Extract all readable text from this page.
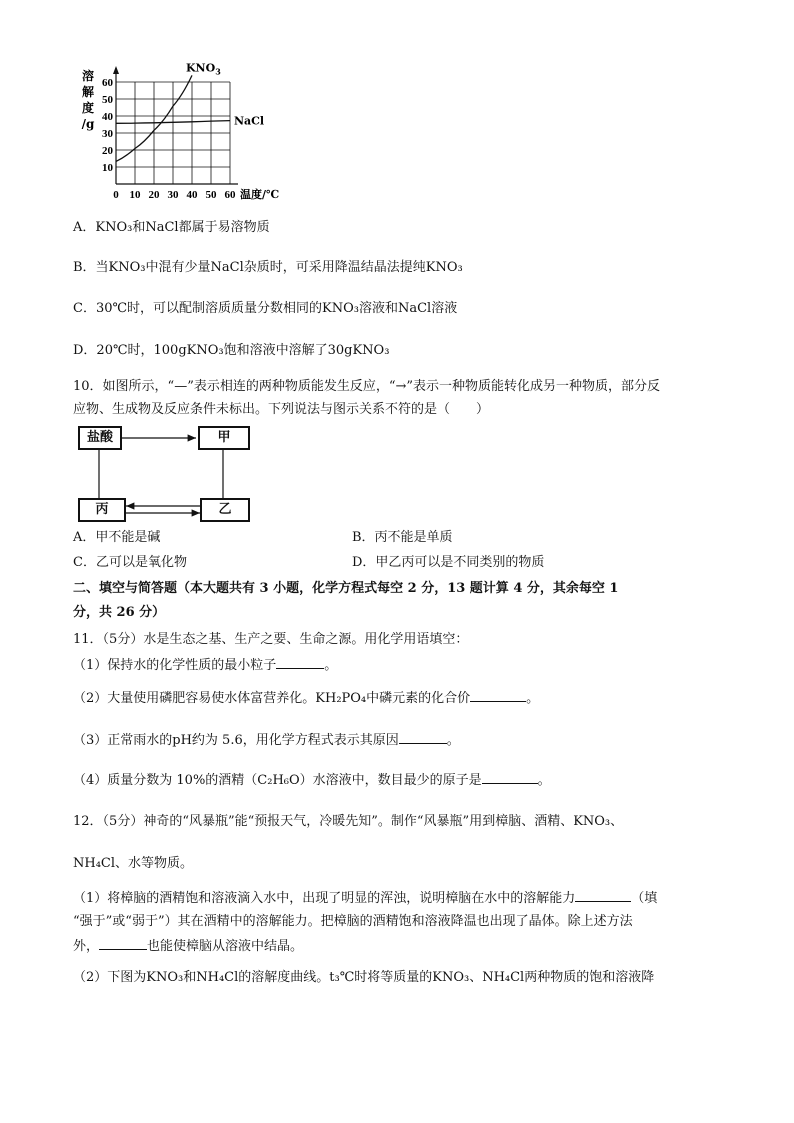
10
20
30
40
50
60
0 10 20 30 40 50 60
溶
解
度
/g
温度/℃
$KNO_3$
NaCl
A．KNO₃和NaCl都属于易溶物质
B．当KNO₃中混有少量NaCl杂质时，可采用降温结晶法提纯KNO₃
C．30℃时，可以配制溶质质量分数相同的KNO₃溶液和NaCl溶液
D．20℃时，100gKNO₃饱和溶液中溶解了30gKNO₃
10．如图所示，“—”表示相连的两种物质能发生反应，“→”表示一种物质能转化成另一种物质，部分反
应物、生成物及反应条件未标出。下列说法与图示关系不符的是（　　）
盐酸	甲
丙	乙
A．甲不能是碱	B．丙不能是单质
C．乙可以是氧化物	D．甲乙丙可以是不同类别的物质
二、填空与简答题（本大题共有 3 小题，化学方程式每空 2 分，13 题计算 4 分，其余每空 1
分，共 26 分）
11．（5分）水是生态之基、生产之要、生命之源。用化学用语填空：
（1）保持水的化学性质的最小粒子	。
（2）大量使用磷肥容易使水体富营养化。KH₂PO₄中磷元素的化合价	。
（3）正常雨水的pH约为 5.6，用化学方程式表示其原因	。
（4）质量分数为 10%的酒精（C₂H₆O）水溶液中，数目最少的原子是	。
12．（5分）神奇的“风暴瓶”能“预报天气，冷暖先知”。制作“风暴瓶”用到樟脑、酒精、KNO₃、
NH₄Cl、水等物质。
（1）将樟脑的酒精饱和溶液滴入水中，出现了明显的浑浊，说明樟脑在水中的溶解能力	（填
“强于”或“弱于”）其在酒精中的溶解能力。把樟脑的酒精饱和溶液降温也出现了晶体。除上述方法
外，	也能使樟脑从溶液中结晶。
（2）下图为KNO₃和NH₄Cl的溶解度曲线。t₃℃时将等质量的KNO₃、NH₄Cl两种物质的饱和溶液降
